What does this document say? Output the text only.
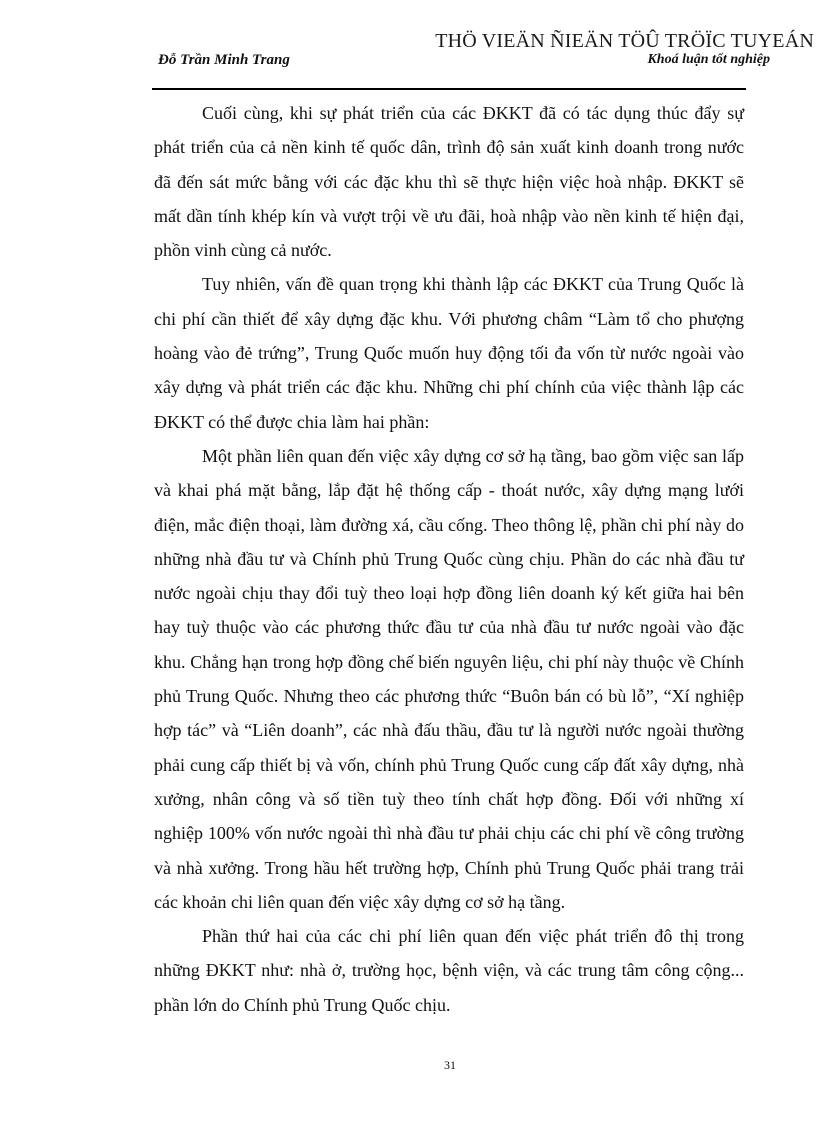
THÖ VIEÄN ÑIEÄN TÖÛ TRÖÏC TUYEÁN
Đỗ Trần Minh Trang	Khoá luận tốt nghiệp

Cuối cùng, khi sự phát triển của các ĐKKT đã có tác dụng thúc đẩy sự phát triển của cả nền kinh tế quốc dân, trình độ sản xuất kinh doanh trong nước đã đến sát mức bằng với các đặc khu thì sẽ thực hiện việc hoà nhập. ĐKKT sẽ mất dần tính khép kín và vượt trội về ưu đãi, hoà nhập vào nền kinh tế hiện đại, phồn vinh cùng cả nước.

Tuy nhiên, vấn đề quan trọng khi thành lập các ĐKKT của Trung Quốc là chi phí cần thiết để xây dựng đặc khu. Với phương châm “Làm tổ cho phượng hoàng vào đẻ trứng”, Trung Quốc muốn huy động tối đa vốn từ nước ngoài vào xây dựng và phát triển các đặc khu. Những chi phí chính của việc thành lập các ĐKKT có thể được chia làm hai phần:

Một phần liên quan đến việc xây dựng cơ sở hạ tầng, bao gồm việc san lấp và khai phá mặt bằng, lắp đặt hệ thống cấp - thoát nước, xây dựng mạng lưới điện, mắc điện thoại, làm đường xá, cầu cống. Theo thông lệ, phần chi phí này do những nhà đầu tư và Chính phủ Trung Quốc cùng chịu. Phần do các nhà đầu tư nước ngoài chịu thay đổi tuỳ theo loại hợp đồng liên doanh ký kết giữa hai bên hay tuỳ thuộc vào các phương thức đầu tư của nhà đầu tư nước ngoài vào đặc khu. Chẳng hạn trong hợp đồng chế biến nguyên liệu, chi phí này thuộc về Chính phủ Trung Quốc. Nhưng theo các phương thức “Buôn bán có bù lỗ”, “Xí nghiệp hợp tác” và “Liên doanh”, các nhà đấu thầu, đầu tư là người nước ngoài thường phải cung cấp thiết bị và vốn, chính phủ Trung Quốc cung cấp đất xây dựng, nhà xưởng, nhân công và số tiền tuỳ theo tính chất hợp đồng. Đối với những xí nghiệp 100% vốn nước ngoài thì nhà đầu tư phải chịu các chi phí về công trường và nhà xưởng. Trong hầu hết trường hợp, Chính phủ Trung Quốc phải trang trải các khoản chi liên quan đến việc xây dựng cơ sở hạ tầng.

Phần thứ hai của các chi phí liên quan đến việc phát triển đô thị trong những ĐKKT như: nhà ở, trường học, bệnh viện, và các trung tâm công cộng... phần lớn do Chính phủ Trung Quốc chịu.

31
